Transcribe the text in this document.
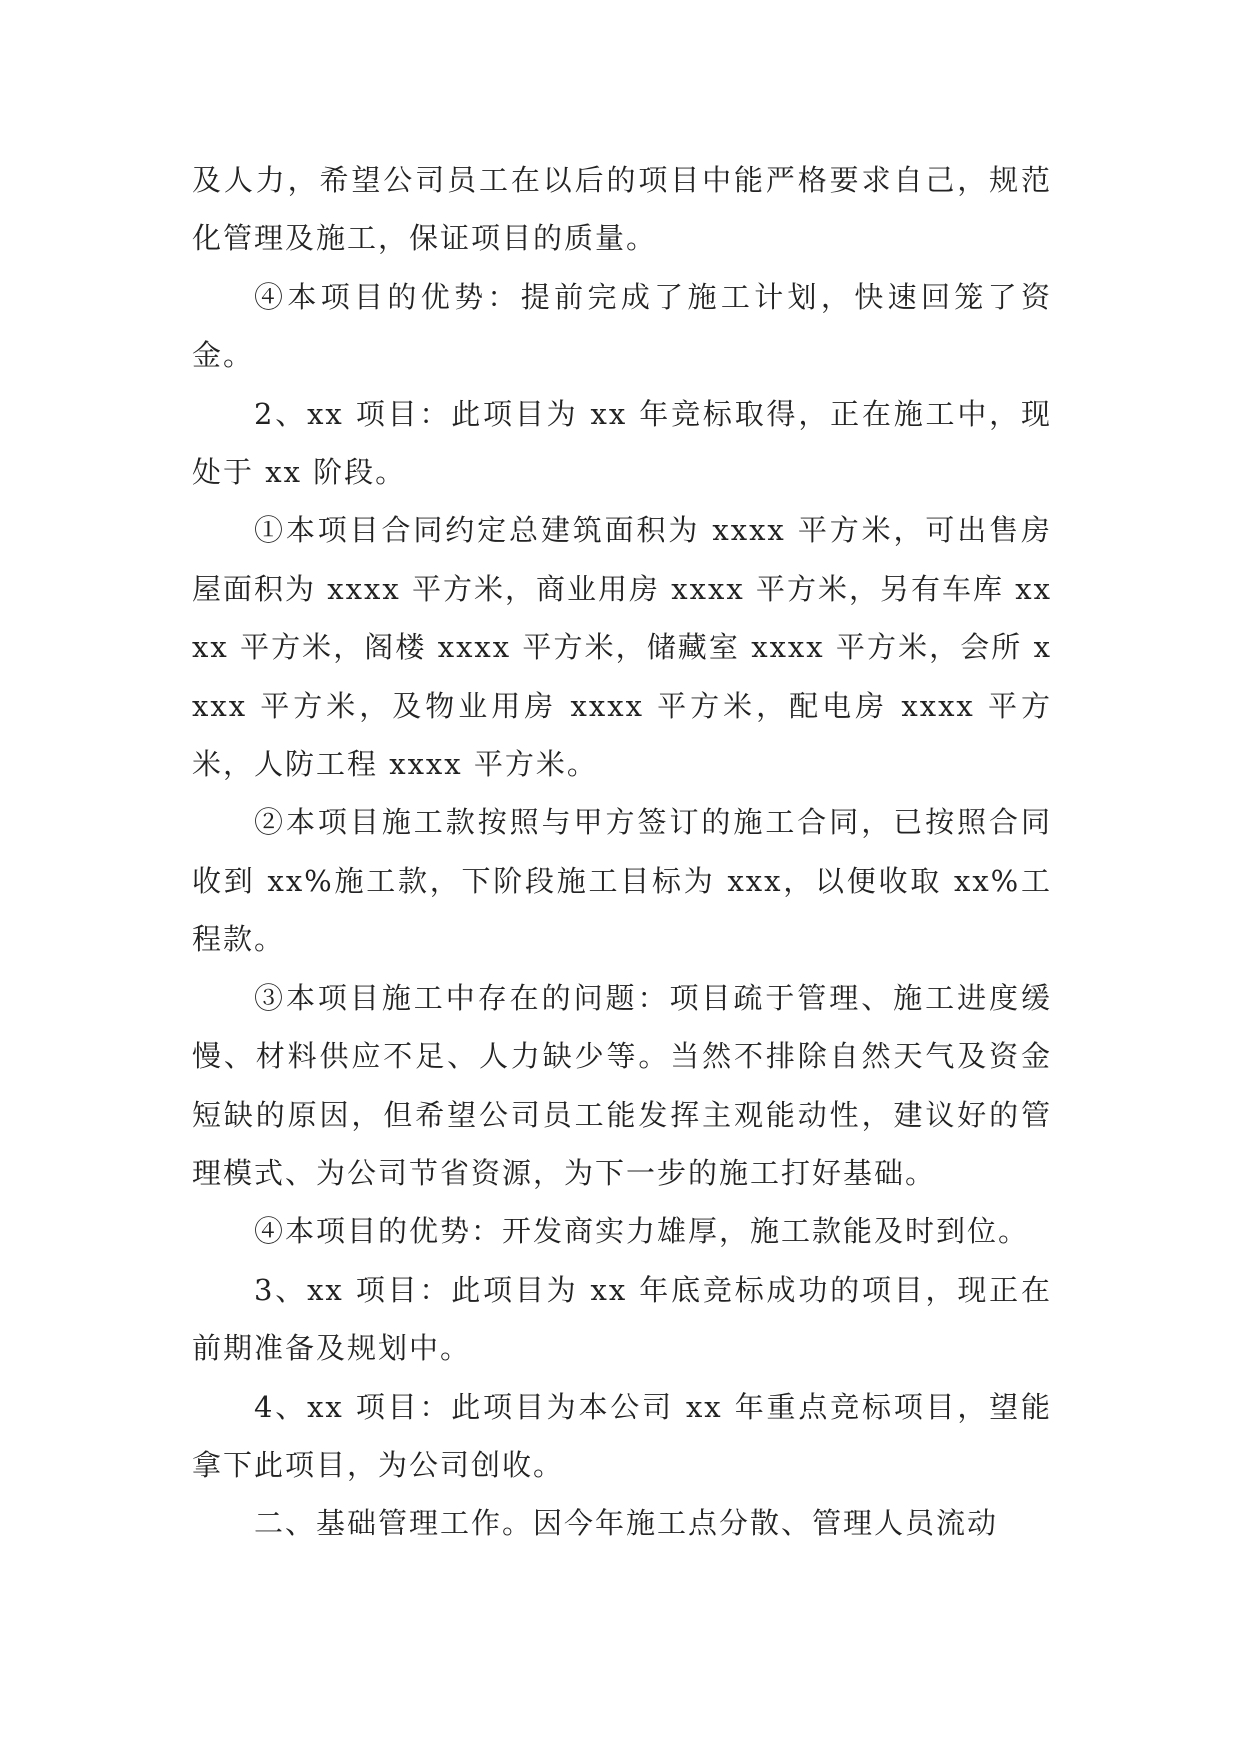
及人力，希望公司员工在以后的项目中能严格要求自己，规范化管理及施工，保证项目的质量。

④本项目的优势：提前完成了施工计划，快速回笼了资金。

2、xx 项目：此项目为 xx 年竞标取得，正在施工中，现处于 xx 阶段。

①本项目合同约定总建筑面积为 xxxx 平方米，可出售房屋面积为 xxxx 平方米，商业用房 xxxx 平方米，另有车库 xxxx 平方米，阁楼 xxxx 平方米，储藏室 xxxx 平方米，会所 xxxx 平方米，及物业用房 xxxx 平方米，配电房 xxxx 平方米，人防工程 xxxx 平方米。

②本项目施工款按照与甲方签订的施工合同，已按照合同收到 xx%施工款，下阶段施工目标为 xxx，以便收取 xx%工程款。

③本项目施工中存在的问题：项目疏于管理、施工进度缓慢、材料供应不足、人力缺少等。当然不排除自然天气及资金短缺的原因，但希望公司员工能发挥主观能动性，建议好的管理模式、为公司节省资源，为下一步的施工打好基础。

④本项目的优势：开发商实力雄厚，施工款能及时到位。

3、xx 项目：此项目为 xx 年底竞标成功的项目，现正在前期准备及规划中。

4、xx 项目：此项目为本公司 xx 年重点竞标项目，望能拿下此项目，为公司创收。

二、基础管理工作。因今年施工点分散、管理人员流动
